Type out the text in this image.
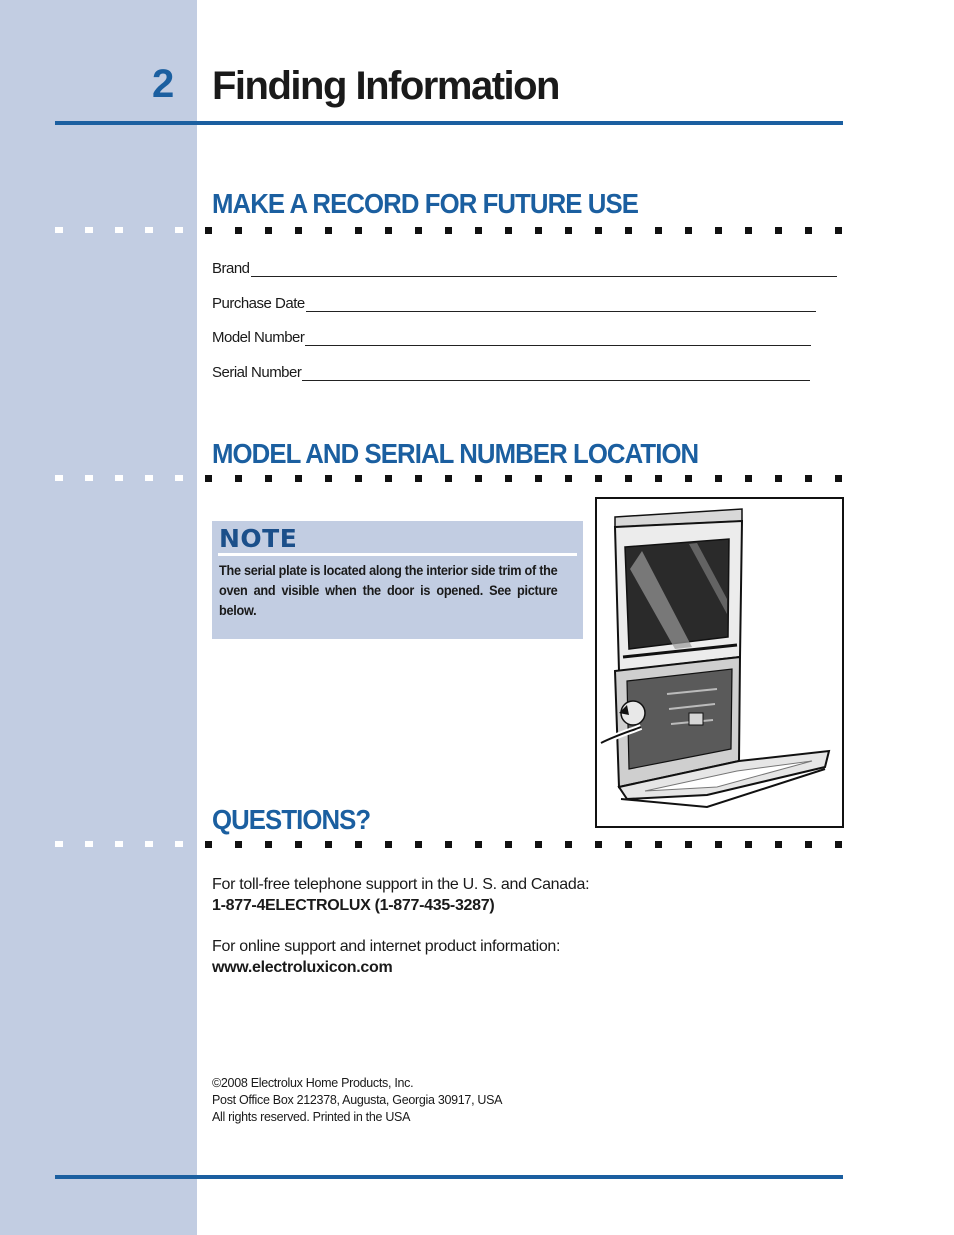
2 Finding Information
MAKE A RECORD FOR FUTURE USE
Brand
Purchase Date
Model Number
Serial Number
MODEL AND SERIAL NUMBER LOCATION
NOTE
The serial plate is located along the interior side trim of the oven and visible when the door is opened. See picture below.
QUESTIONS?
For toll-free telephone support in the U. S. and Canada:
1-877-4ELECTROLUX (1-877-435-3287)
For online support and internet product information:
www.electroluxicon.com
©2008 Electrolux Home Products, Inc.
Post Office Box 212378, Augusta, Georgia 30917, USA
All rights reserved. Printed in the USA
